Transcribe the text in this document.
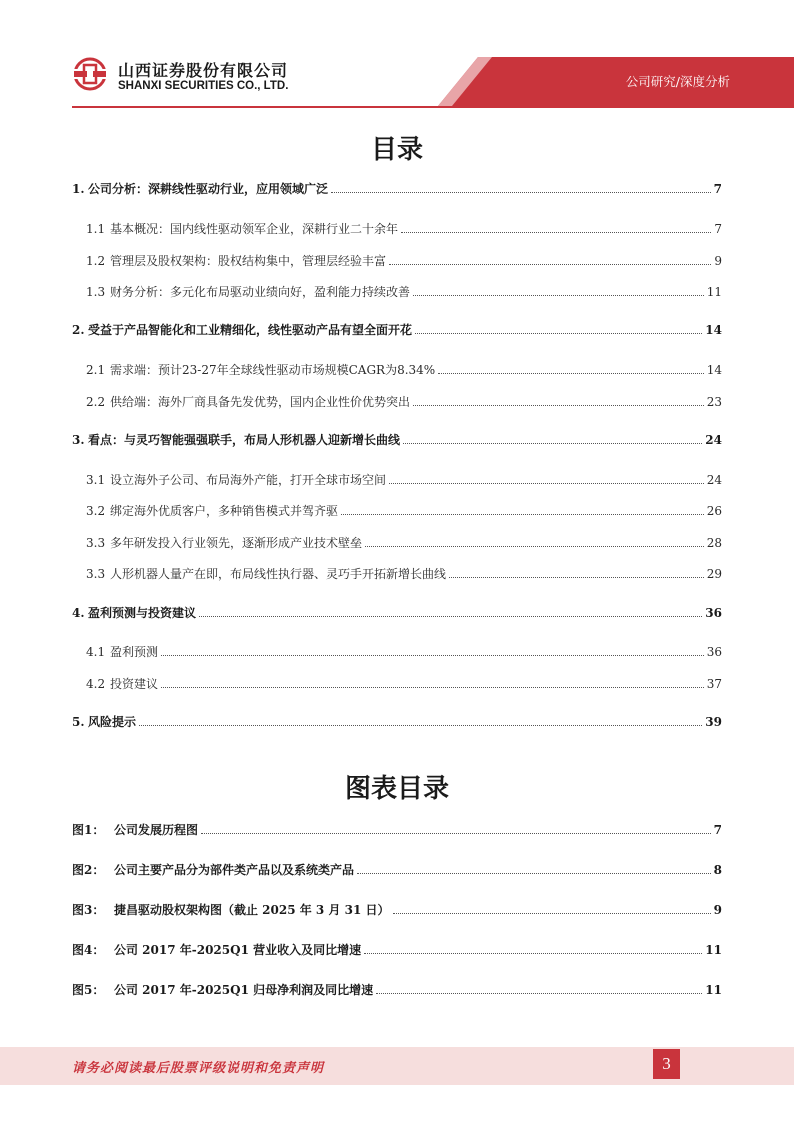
山西证券股份有限公司
SHANXI SECURITIES CO., LTD.	公司研究/深度分析
目录
1. 公司分析：深耕线性驱动行业，应用领域广泛	7
1.1 基本概况：国内线性驱动领军企业，深耕行业二十余年	7
1.2 管理层及股权架构：股权结构集中，管理层经验丰富	9
1.3 财务分析：多元化布局驱动业绩向好，盈利能力持续改善	11
2. 受益于产品智能化和工业精细化，线性驱动产品有望全面开花	14
2.1 需求端：预计23-27年全球线性驱动市场规模CAGR为8.34%	14
2.2 供给端：海外厂商具备先发优势，国内企业性价优势突出	23
3. 看点：与灵巧智能强强联手，布局人形机器人迎新增长曲线	24
3.1 设立海外子公司、布局海外产能，打开全球市场空间	24
3.2 绑定海外优质客户，多种销售模式并驾齐驱	26
3.3 多年研发投入行业领先，逐渐形成产业技术壁垒	28
3.3 人形机器人量产在即，布局线性执行器、灵巧手开拓新增长曲线	29
4. 盈利预测与投资建议	36
4.1 盈利预测	36
4.2 投资建议	37
5. 风险提示	39
图表目录
图1： 公司发展历程图	7
图2： 公司主要产品分为部件类产品以及系统类产品	8
图3： 捷昌驱动股权架构图（截止 2025 年 3 月 31 日）	9
图4： 公司 2017 年-2025Q1 营业收入及同比增速	11
图5： 公司 2017 年-2025Q1 归母净利润及同比增速	11
请务必阅读最后股票评级说明和免责声明	3
